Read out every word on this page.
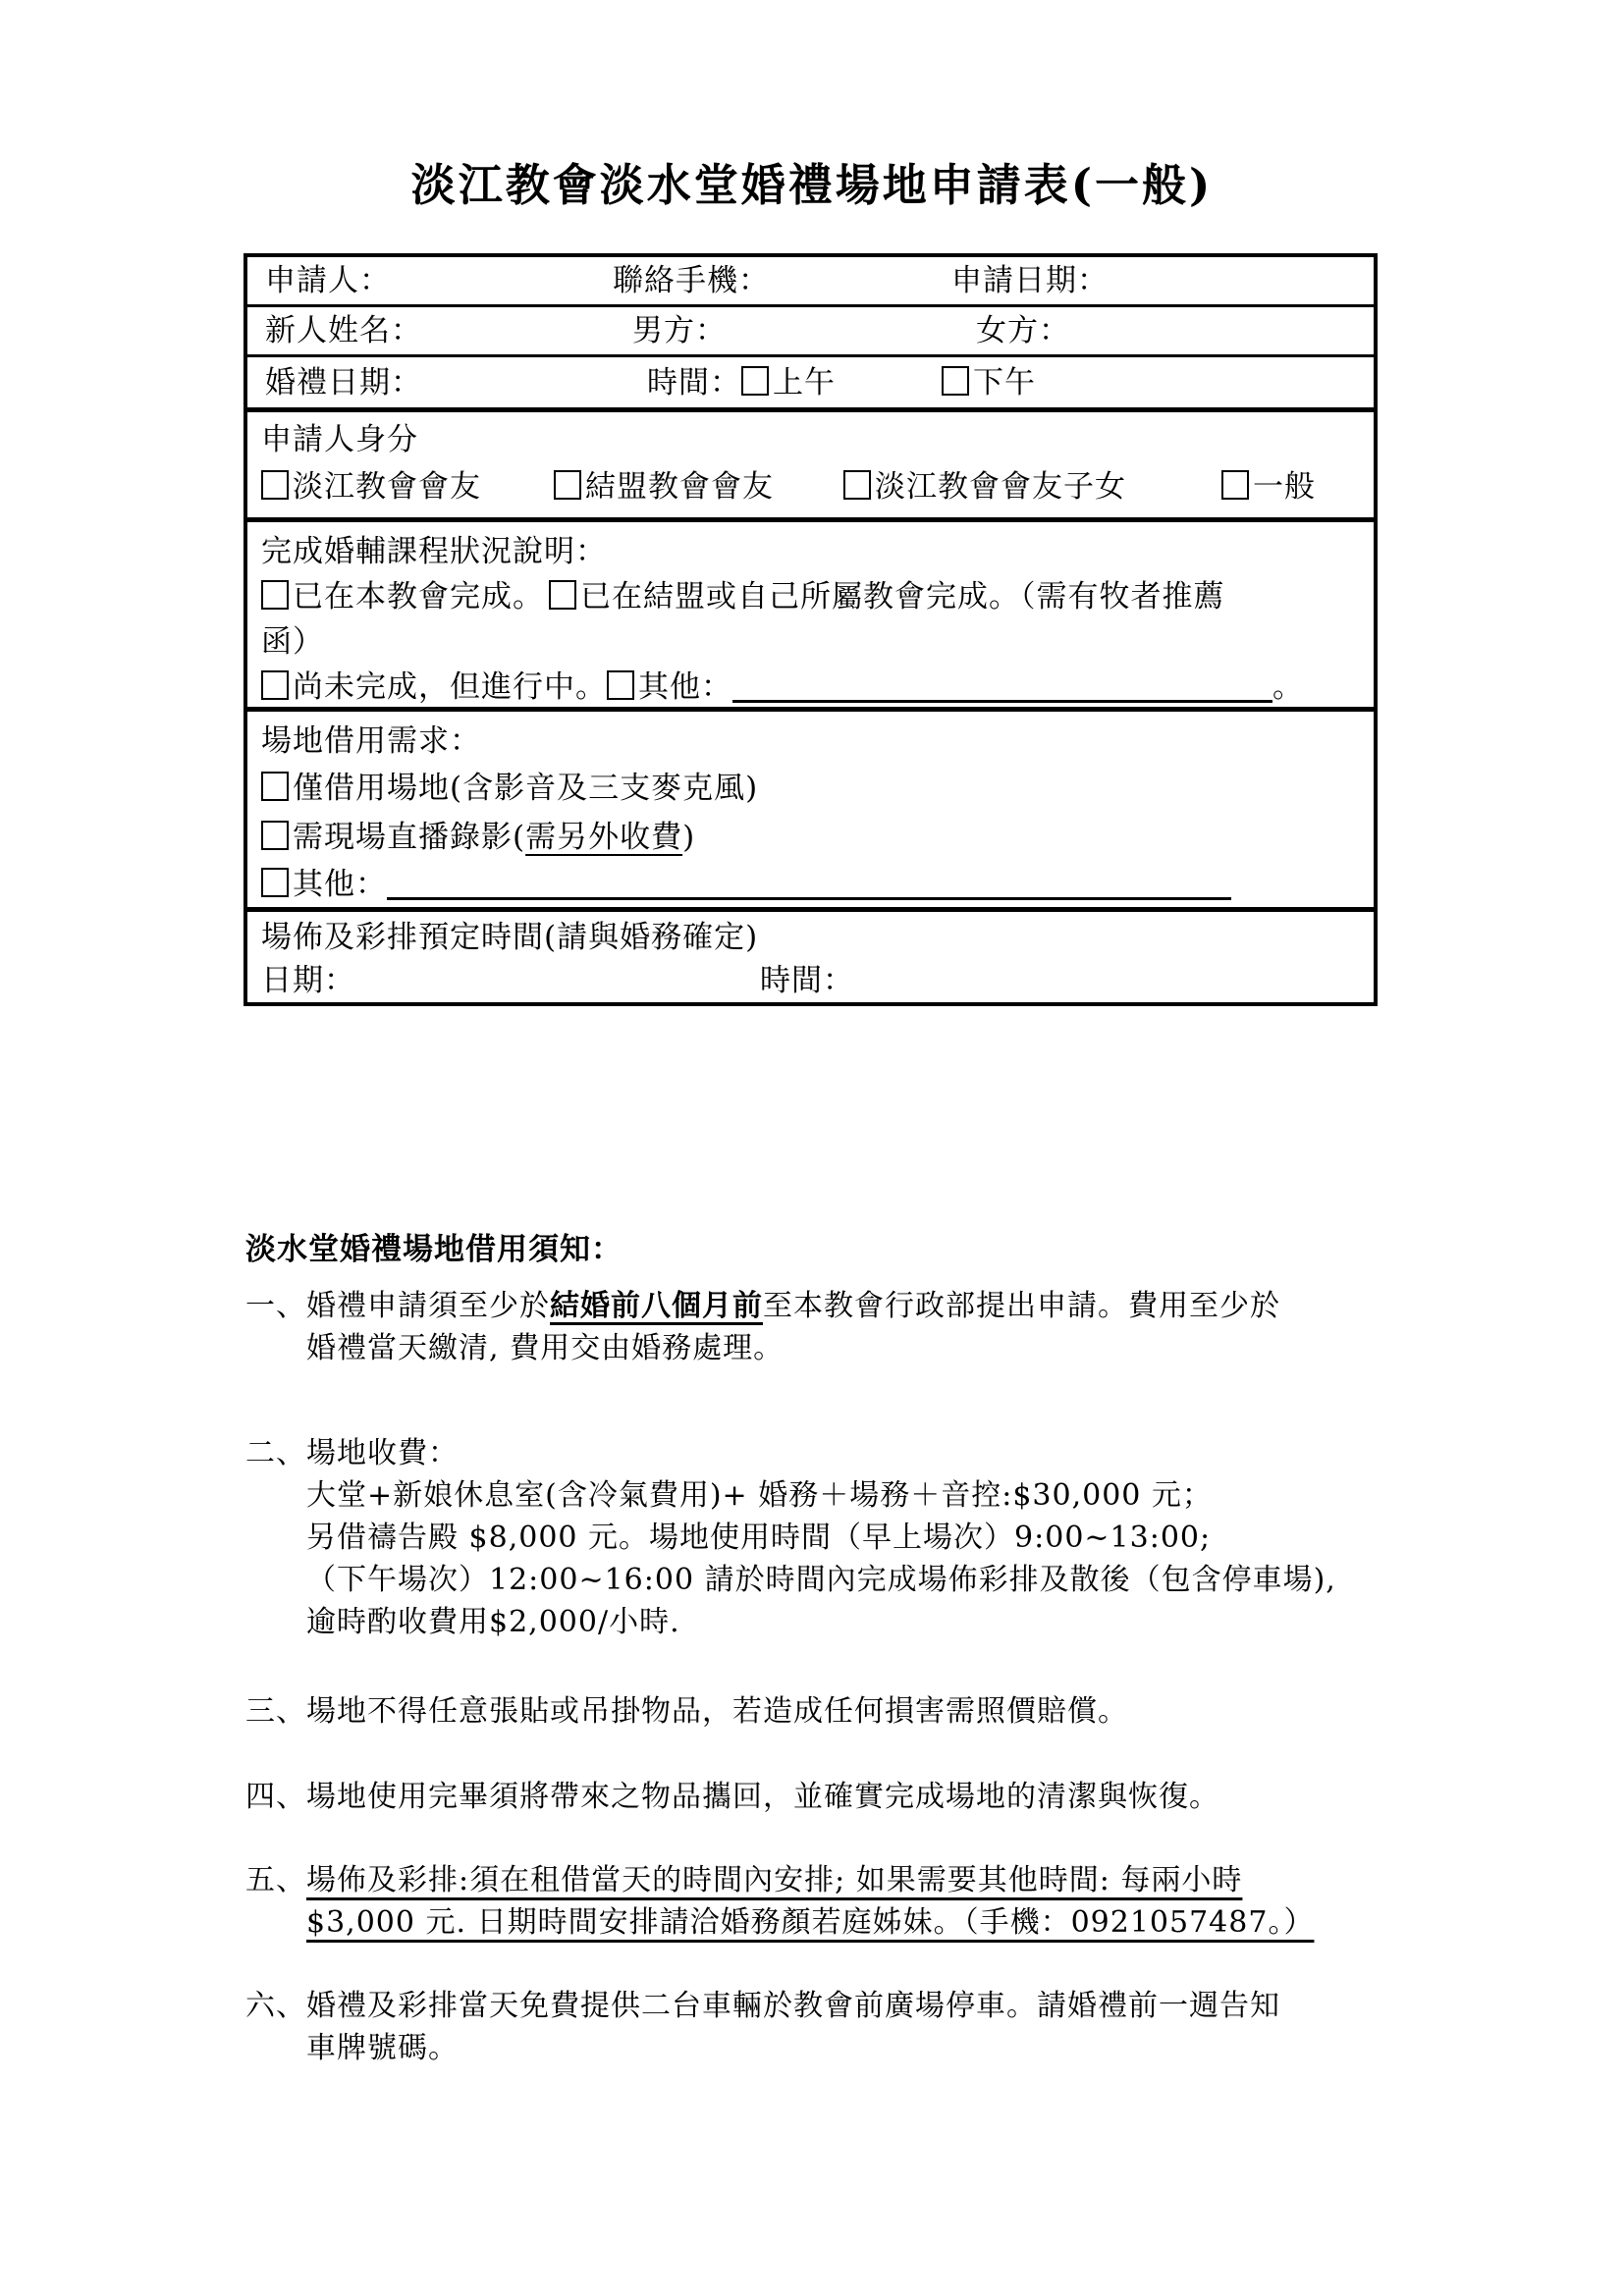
淡江教會淡水堂婚禮場地申請表(一般)
申請人：	聯絡手機：	申請日期：
新人姓名：	男方：	女方：
婚禮日期：	時間： 上午	下午
申請人身分
淡江教會會友	結盟教會會友	淡江教會會友子女	一般
完成婚輔課程狀況說明：
已在本教會完成。	已在結盟或自己所屬教會完成。（需有牧者推薦
函）
尚未完成，但進行中。 其他：	。
場地借用需求：
僅借用場地(含影音及三支麥克風)
需現場直播錄影(需另外收費)
其他：
場佈及彩排預定時間(請與婚務確定)
日期：	時間：
淡水堂婚禮場地借用須知：
一、婚禮申請須至少於結婚前八個月前至本教會行政部提出申請。費用至少於
婚禮當天繳清, 費用交由婚務處理。
二、場地收費：
大堂+新娘休息室(含冷氣費用)+ 婚務＋場務＋音控:$30,000 元；
另借禱告殿 $8,000 元。場地使用時間（早上場次）9:00~13:00;
（下午場次）12:00~16:00 請於時間內完成場佈彩排及散後（包含停車場),
逾時酌收費用$2,000/小時.
三、場地不得任意張貼或吊掛物品，若造成任何損害需照價賠償。
四、場地使用完畢須將帶來之物品攜回，並確實完成場地的清潔與恢復。
五、場佈及彩排:須在租借當天的時間內安排; 如果需要其他時間: 每兩小時
$3,000 元. 日期時間安排請洽婚務顏若庭姊妹。（手機：0921057487。）
六、婚禮及彩排當天免費提供二台車輛於教會前廣場停車。請婚禮前一週告知
車牌號碼。
